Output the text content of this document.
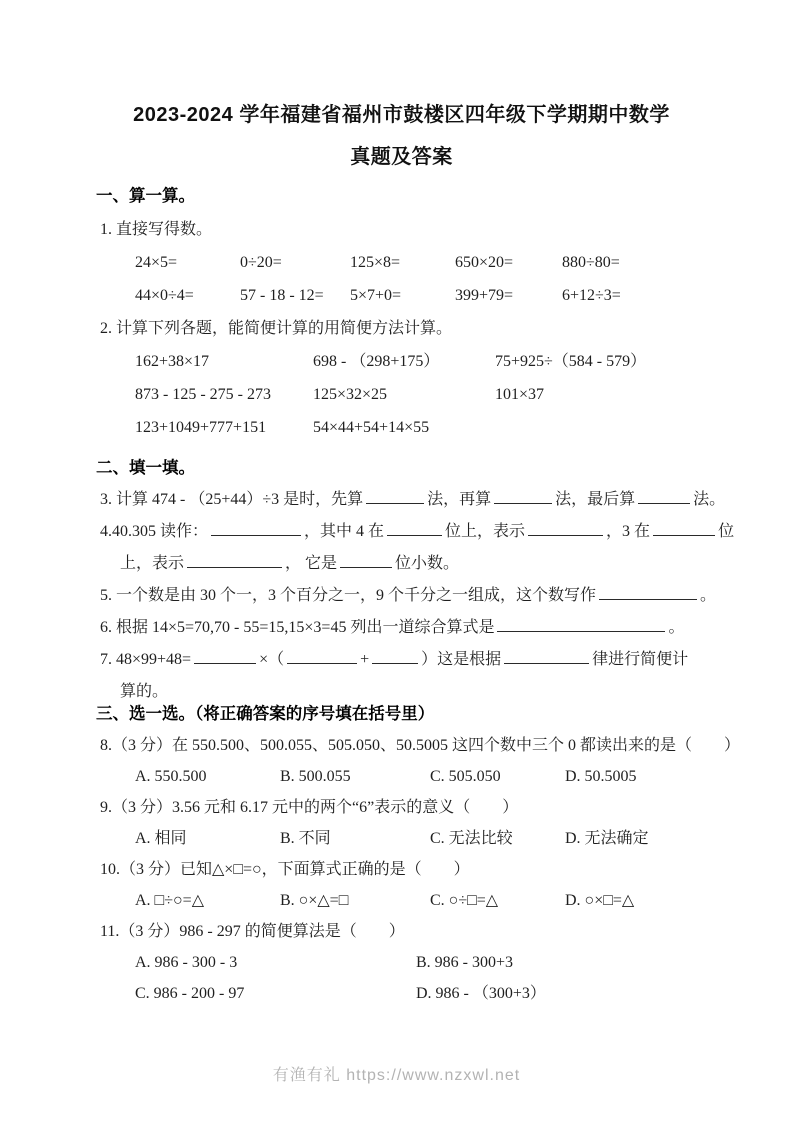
2023-2024 学年福建省福州市鼓楼区四年级下学期期中数学
真题及答案
一、算一算。
1. 直接写得数。
24×5=	0÷20=	125×8=	650×20=	880÷80=
44×0÷4=	57 - 18 - 12= 5×7+0=	399+79=	6+12÷3=
2. 计算下列各题，能简便计算的用简便方法计算。
162+38×17	698 - （298+175）	75+925÷（584 - 579）
873 - 125 - 275 - 273	125×32×25	101×37
123+1049+777+151	54×44+54+14×55
二、填一填。
3. 计算 474 - （25+44）÷3 是时，先算	法，再算	法，最后算	法。
4.40.305 读作：	，其中 4 在	位上，表示	，3 在	位
上，表示	， 它是	位小数。
5. 一个数是由 30 个一，3 个百分之一，9 个千分之一组成，这个数写作	。
6. 根据 14×5=70,70 - 55=15,15×3=45 列出一道综合算式是	。
7. 48×99+48=	×（	+	）这是根据	律进行简便计
算的。
三、选一选。（将正确答案的序号填在括号里）
8.（3 分）在 550.500、500.055、505.050、50.5005 这四个数中三个 0 都读出来的是（　　）
A. 550.500	B. 500.055	C. 505.050	D. 50.5005
9.（3 分）3.56 元和 6.17 元中的两个“6”表示的意义（　　）
A. 相同	B. 不同	C. 无法比较	D. 无法确定
10.（3 分）已知△×□=○，下面算式正确的是（　　）
A. □÷○=△	B. ○×△=□	C. ○÷□=△	D. ○×□=△
11.（3 分）986 - 297 的简便算法是（　　）
A. 986 - 300 - 3	B. 986 - 300+3
C. 986 - 200 - 97	D. 986 - （300+3）
有渔有礼 https://www.nzxwl.net
